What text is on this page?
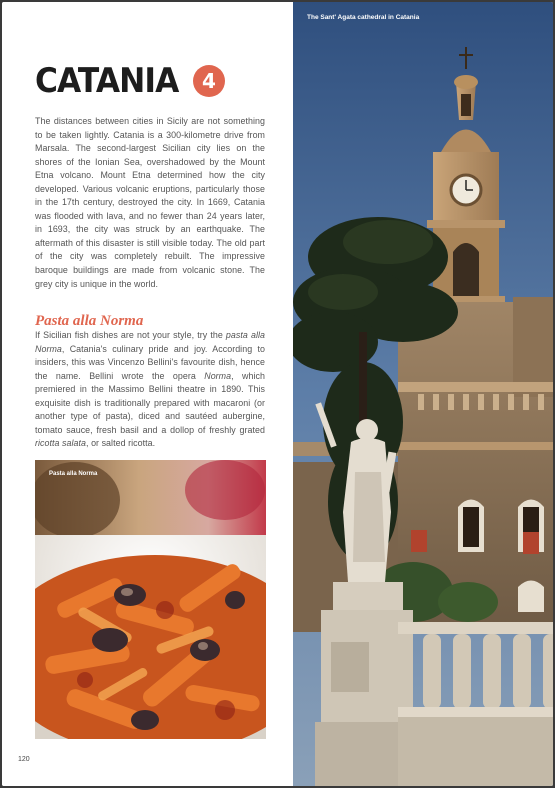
CATANIA	4
The distances between cities in Sicily are not something to be taken lightly. Catania is a 300-kilometre drive from Marsala. The second-largest Sicilian city lies on the shores of the Ionian Sea, overshadowed by the Mount Etna volcano. Mount Etna determined how the city developed. Various volcanic eruptions, particularly those in the 17th century, destroyed the city. In 1669, Catania was flooded with lava, and no fewer than 24 years later, in 1693, the city was struck by an earthquake. The aftermath of this disaster is still visible today. The old part of the city was completely rebuilt. The impressive baroque buildings are made from volcanic stone. The grey city is unique in the world.
Pasta alla Norma
If Sicilian fish dishes are not your style, try the pasta alla Norma, Catania's culinary pride and joy. According to insiders, this was Vincenzo Bellini's favourite dish, hence the name. Bellini wrote the opera Norma, which premiered in the Massimo Bellini theatre in 1890. This exquisite dish is traditionally prepared with macaroni (or another type of pasta), diced and sautéed aubergine, tomato sauce, fresh basil and a dollop of freshly grated ricotta salata, or salted ricotta.
Pasta alla Norma
120
The Sant' Agata cathedral in Catania
